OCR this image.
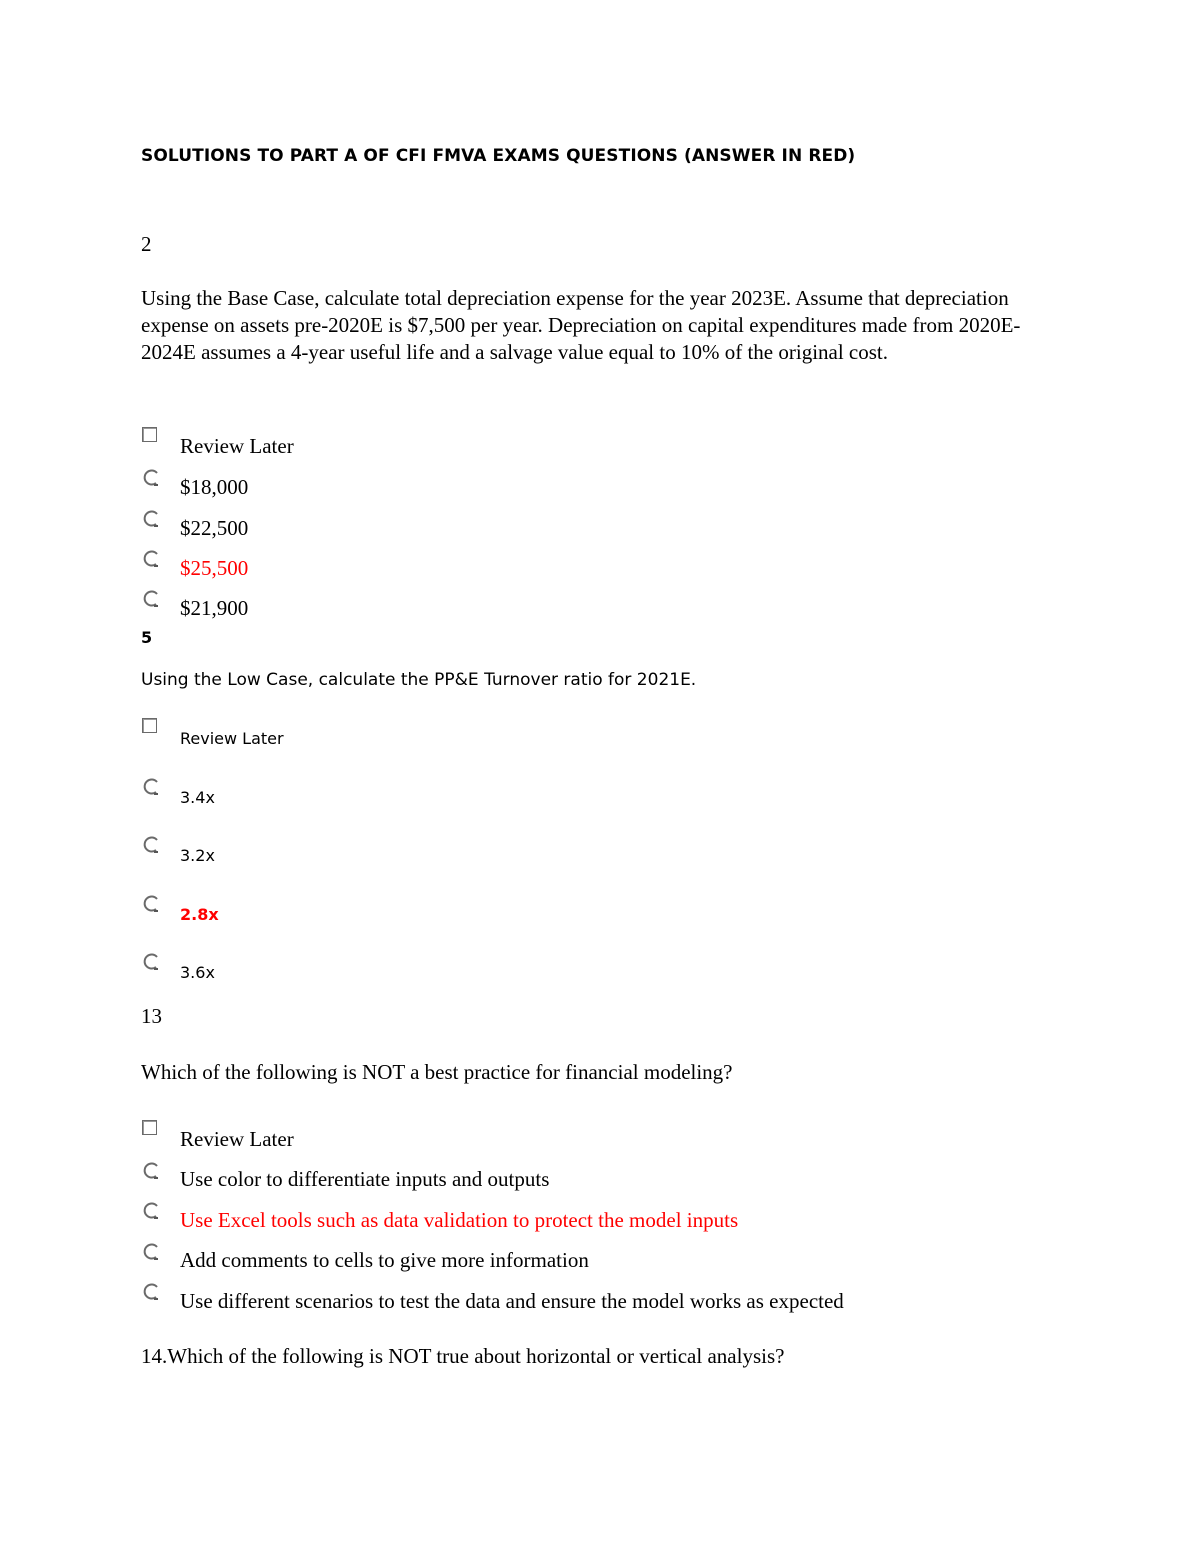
SOLUTIONS TO PART A OF CFI FMVA EXAMS QUESTIONS (ANSWER IN RED)
2

Using the Base Case, calculate total depreciation expense for the year 2023E. Assume that depreciation expense on assets pre-2020E is $7,500 per year. Depreciation on capital expenditures made from 2020E-2024E assumes a 4-year useful life and a salvage value equal to 10% of the original cost.

Review Later
$18,000
$22,500
$25,500
$21,900
5
Using the Low Case, calculate the PP&E Turnover ratio for 2021E.
Review Later
3.4x
3.2x
2.8x
3.6x
13

Which of the following is NOT a best practice for financial modeling?

Review Later
Use color to differentiate inputs and outputs
Use Excel tools such as data validation to protect the model inputs
Add comments to cells to give more information
Use different scenarios to test the data and ensure the model works as expected

14.Which of the following is NOT true about horizontal or vertical analysis?
